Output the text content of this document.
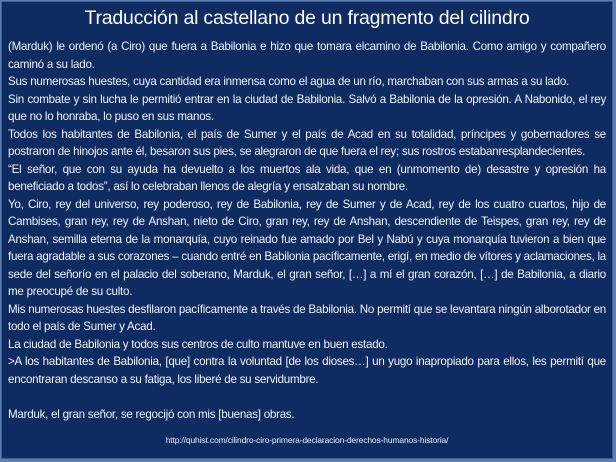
Traducción al castellano de un fragmento del cilindro

(Marduk) le ordenó (a Ciro) que fuera a Babilonia e hizo que tomara elcamino de Babilonia. Como amigo y compañero caminó a su lado.

Sus numerosas huestes, cuya cantidad era inmensa como el agua de un río, marchaban con sus armas a su lado.

Sin combate y sin lucha le permitió entrar en la ciudad de Babilonia. Salvó a Babilonia de la opresión. A Nabonido, el rey que no lo honraba, lo puso en sus manos.

Todos los habitantes de Babilonia, el país de Sumer y el país de Acad en su totalidad, príncipes y gobernadores se postraron de hinojos ante él, besaron sus pies, se alegraron de que fuera el rey; sus rostros estabanresplandecientes.

“El señor, que con su ayuda ha devuelto a los muertos ala vida, que en (unmomento de) desastre y opresión ha beneficiado a todos”, así lo celebraban llenos de alegría y ensalzaban su nombre.

Yo, Ciro, rey del universo, rey poderoso, rey de Babilonia, rey de Sumer y de Acad, rey de los cuatro cuartos, hijo de Cambises, gran rey, rey de Anshan, nieto de Ciro, gran rey, rey de Anshan, descendiente de Teispes, gran rey, rey de Anshan, semilla eterna de la monarquía, cuyo reinado fue amado por Bel y Nabú y cuya monarquía tuvieron a bien que fuera agradable a sus corazones – cuando entré en Babilonia pacíficamente, erigí, en medio de vítores y aclamaciones, la sede del señorío en el palacio del soberano, Marduk, el gran señor, […] a mí el gran corazón, […] de Babilonia, a diario me preocupé de su culto.

Mis numerosas huestes desfilaron pacíficamente a través de Babilonia. No permití que se levantara ningún alborotador en todo el país de Sumer y Acad.

La ciudad de Babilonia y todos sus centros de culto mantuve en buen estado.

>A los habitantes de Babilonia, [que] contra la voluntad [de los dioses…] un yugo inapropiado para ellos, les permití que encontraran descanso a su fatiga, los liberé de su servidumbre.

Marduk, el gran señor, se regocijó con mis [buenas] obras.

http://quhist.com/cilindro-ciro-primera-declaracion-derechos-humanos-historia/
